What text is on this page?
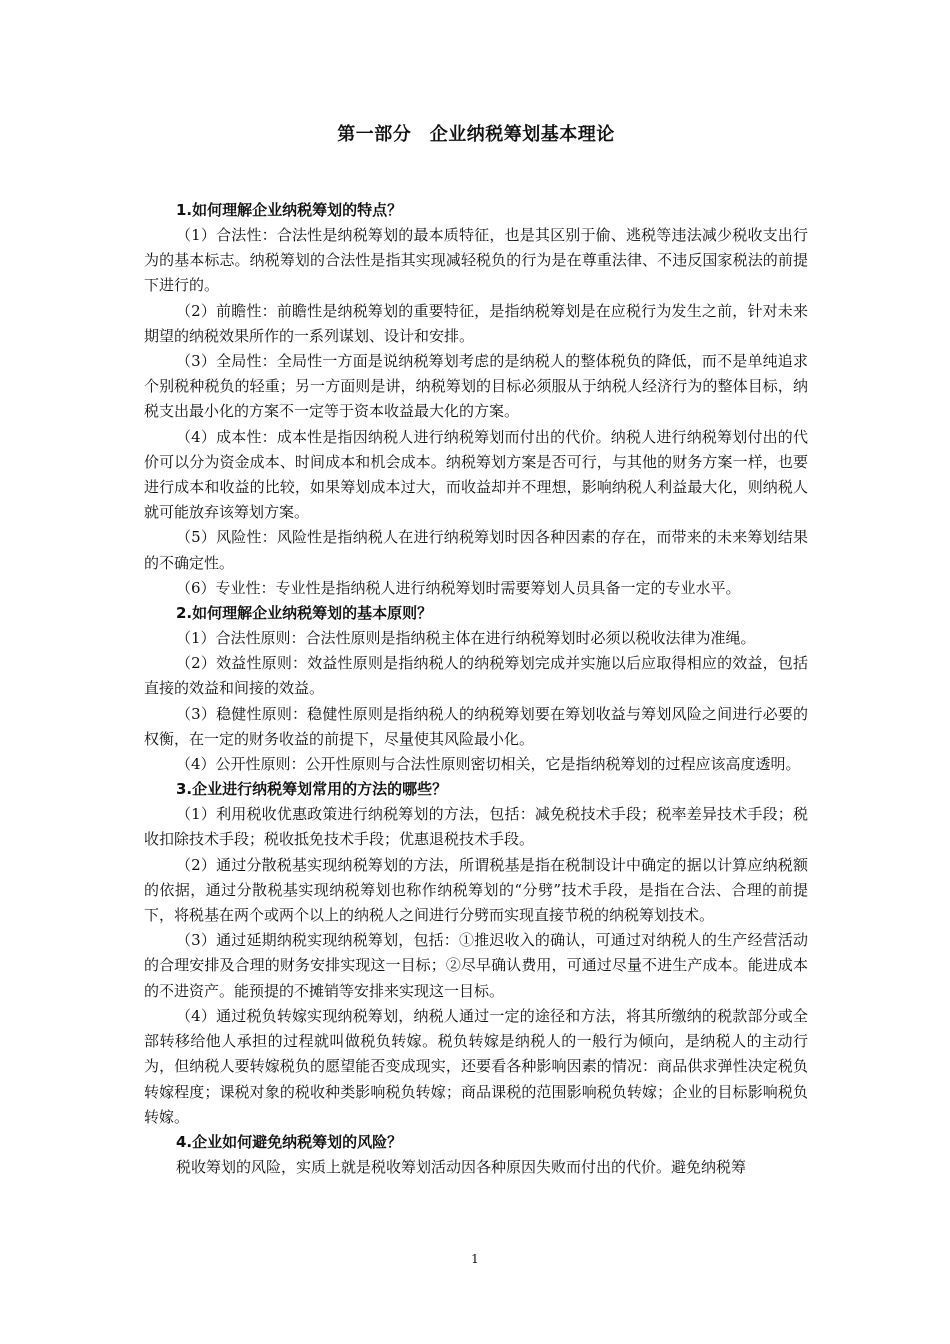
第一部分　企业纳税筹划基本理论

1.如何理解企业纳税筹划的特点？

（1）合法性：合法性是纳税筹划的最本质特征，也是其区别于偷、逃税等违法减少税收支出行为的基本标志。纳税筹划的合法性是指其实现减轻税负的行为是在尊重法律、不违反国家税法的前提下进行的。

（2）前瞻性：前瞻性是纳税筹划的重要特征，是指纳税筹划是在应税行为发生之前，针对未来期望的纳税效果所作的一系列谋划、设计和安排。

（3）全局性：全局性一方面是说纳税筹划考虑的是纳税人的整体税负的降低，而不是单纯追求个别税种税负的轻重；另一方面则是讲，纳税筹划的目标必须服从于纳税人经济行为的整体目标，纳税支出最小化的方案不一定等于资本收益最大化的方案。

（4）成本性：成本性是指因纳税人进行纳税筹划而付出的代价。纳税人进行纳税筹划付出的代价可以分为资金成本、时间成本和机会成本。纳税筹划方案是否可行，与其他的财务方案一样，也要进行成本和收益的比较，如果筹划成本过大，而收益却并不理想，影响纳税人利益最大化，则纳税人就可能放弃该筹划方案。

（5）风险性：风险性是指纳税人在进行纳税筹划时因各种因素的存在，而带来的未来筹划结果的不确定性。

（6）专业性：专业性是指纳税人进行纳税筹划时需要筹划人员具备一定的专业水平。

2.如何理解企业纳税筹划的基本原则？

（1）合法性原则：合法性原则是指纳税主体在进行纳税筹划时必须以税收法律为准绳。

（2）效益性原则：效益性原则是指纳税人的纳税筹划完成并实施以后应取得相应的效益，包括直接的效益和间接的效益。

（3）稳健性原则：稳健性原则是指纳税人的纳税筹划要在筹划收益与筹划风险之间进行必要的权衡，在一定的财务收益的前提下，尽量使其风险最小化。

（4）公开性原则：公开性原则与合法性原则密切相关，它是指纳税筹划的过程应该高度透明。

3.企业进行纳税筹划常用的方法的哪些？

（1）利用税收优惠政策进行纳税筹划的方法，包括：减免税技术手段；税率差异技术手段；税收扣除技术手段；税收抵免技术手段；优惠退税技术手段。

（2）通过分散税基实现纳税筹划的方法，所谓税基是指在税制设计中确定的据以计算应纳税额的依据，通过分散税基实现纳税筹划也称作纳税筹划的“分劈”技术手段，是指在合法、合理的前提下，将税基在两个或两个以上的纳税人之间进行分劈而实现直接节税的纳税筹划技术。

（3）通过延期纳税实现纳税筹划，包括：①推迟收入的确认，可通过对纳税人的生产经营活动的合理安排及合理的财务安排实现这一目标；②尽早确认费用，可通过尽量不进生产成本。能进成本的不进资产。能预提的不摊销等安排来实现这一目标。

（4）通过税负转嫁实现纳税筹划，纳税人通过一定的途径和方法，将其所缴纳的税款部分或全部转移给他人承担的过程就叫做税负转嫁。税负转嫁是纳税人的一般行为倾向，是纳税人的主动行为，但纳税人要转嫁税负的愿望能否变成现实，还要看各种影响因素的情况：商品供求弹性决定税负转嫁程度；课税对象的税收种类影响税负转嫁；商品课税的范围影响税负转嫁；企业的目标影响税负转嫁。

4.企业如何避免纳税筹划的风险？

税收筹划的风险，实质上就是税收筹划活动因各种原因失败而付出的代价。避免纳税筹

1
